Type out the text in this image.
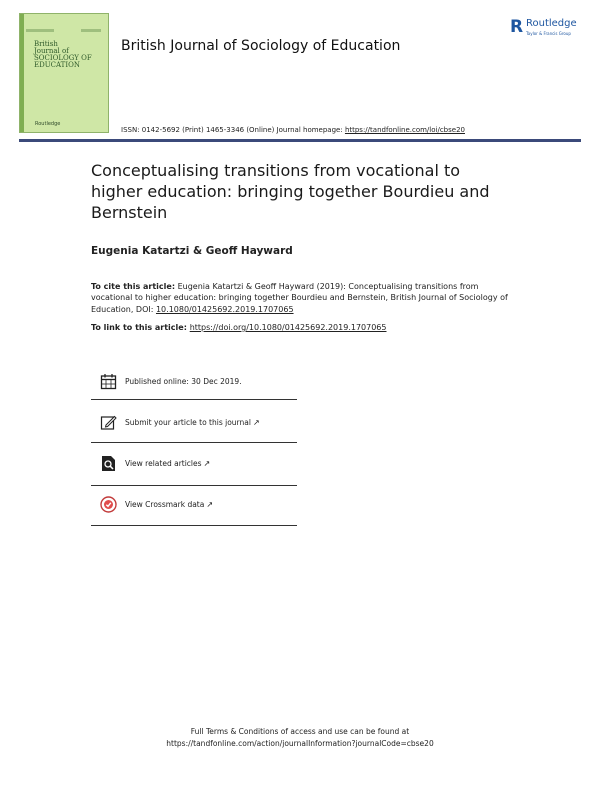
British
Journal of
SOCIOLOGY OF
EDUCATION
Routledge
British Journal of Sociology of Education
R Routledge
Taylor & Francis Group
ISSN: 0142-5692 (Print) 1465-3346 (Online) Journal homepage: https://tandfonline.com/loi/cbse20
Conceptualising transitions from vocational to higher education: bringing together Bourdieu and Bernstein
Eugenia Katartzi & Geoff Hayward
To cite this article: Eugenia Katartzi & Geoff Hayward (2019): Conceptualising transitions from vocational to higher education: bringing together Bourdieu and Bernstein, British Journal of Sociology of Education, DOI: 10.1080/01425692.2019.1707065
To link to this article: https://doi.org/10.1080/01425692.2019.1707065
Published online: 30 Dec 2019.
Submit your article to this journal ↗
View related articles ↗
View Crossmark data ↗
Full Terms & Conditions of access and use can be found at
https://tandfonline.com/action/journalInformation?journalCode=cbse20
